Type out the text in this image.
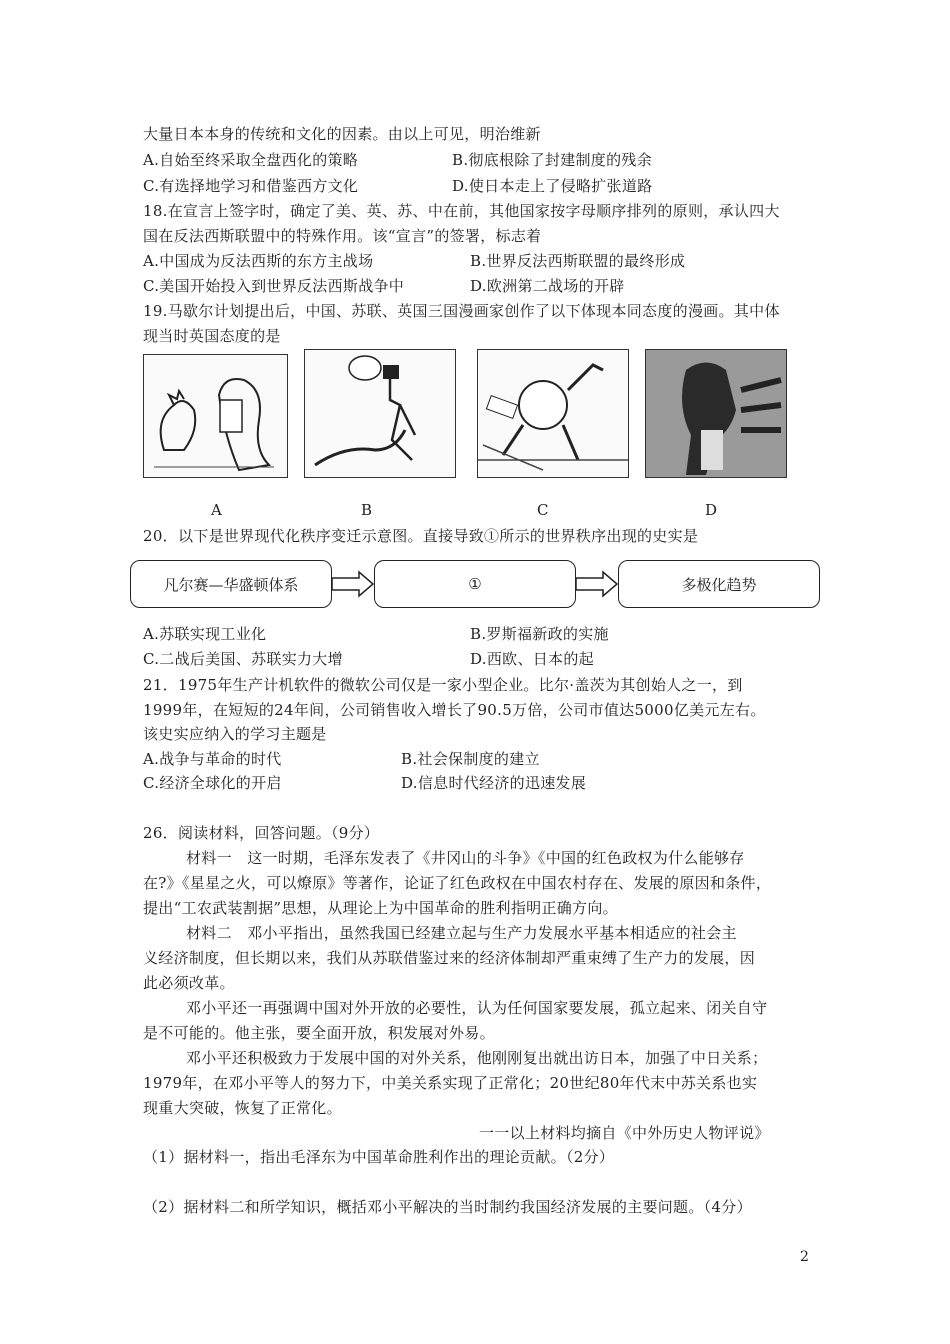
大量日本本身的传统和文化的因素。由以上可见，明治维新
A.自始至终采取全盘西化的策略	B.彻底根除了封建制度的残余
C.有选择地学习和借鉴西方文化	D.使日本走上了侵略扩张道路
18.在宣言上签字时，确定了美、英、苏、中在前，其他国家按字母顺序排列的原则，承认四大
国在反法西斯联盟中的特殊作用。该“宣言”的签署，标志着
A.中国成为反法西斯的东方主战场	B.世界反法西斯联盟的最终形成
C.美国开始投入到世界反法西斯战争中	D.欧洲第二战场的开辟
19.马歇尔计划提出后，中国、苏联、英国三国漫画家创作了以下体现本同态度的漫画。其中体
现当时英国态度的是
A	B	C	D
20．以下是世界现代化秩序变迁示意图。直接导致①所示的世界秩序出现的史实是
凡尔赛—华盛顿体系	①	多极化趋势
A.苏联实现工业化	B.罗斯福新政的实施
C.二战后美国、苏联实力大增	D.西欧、日本的起
21．1975年生产计机软件的微软公司仅是一家小型企业。比尔·盖茨为其创始人之一，到
1999年，在短短的24年间，公司销售收入增长了90.5万倍，公司市值达5000亿美元左右。
该史实应纳入的学习主题是
A.战争与革命的时代	B.社会保制度的建立
C.经济全球化的开启	D.信息时代经济的迅速发展
26．阅读材料，回答问题。（9分）
材料一　这一时期，毛泽东发表了《井冈山的斗争》《中国的红色政权为什么能够存
在?》《星星之火，可以燎原》等著作，论证了红色政权在中国农村存在、发展的原因和条件，
提出“工农武装割据”思想，从理论上为中国革命的胜利指明正确方向。
材料二　邓小平指出，虽然我国已经建立起与生产力发展水平基本相适应的社会主
义经济制度，但长期以来，我们从苏联借鉴过来的经济体制却严重束缚了生产力的发展，因
此必须改革。
邓小平还一再强调中国对外开放的必要性，认为任何国家要发展，孤立起来、闭关自守
是不可能的。他主张，要全面开放，积发展对外易。
邓小平还积极致力于发展中国的对外关系，他刚刚复出就出访日本，加强了中日关系；
1979年，在邓小平等人的努力下，中美关系实现了正常化；20世纪80年代末中苏关系也实
现重大突破，恢复了正常化。
一一以上材料均摘自《中外历史人物评说》
（1）据材料一，指出毛泽东为中国革命胜利作出的理论贡献。（2分）
（2）据材料二和所学知识，概括邓小平解决的当时制约我国经济发展的主要问题。（4分）
2
